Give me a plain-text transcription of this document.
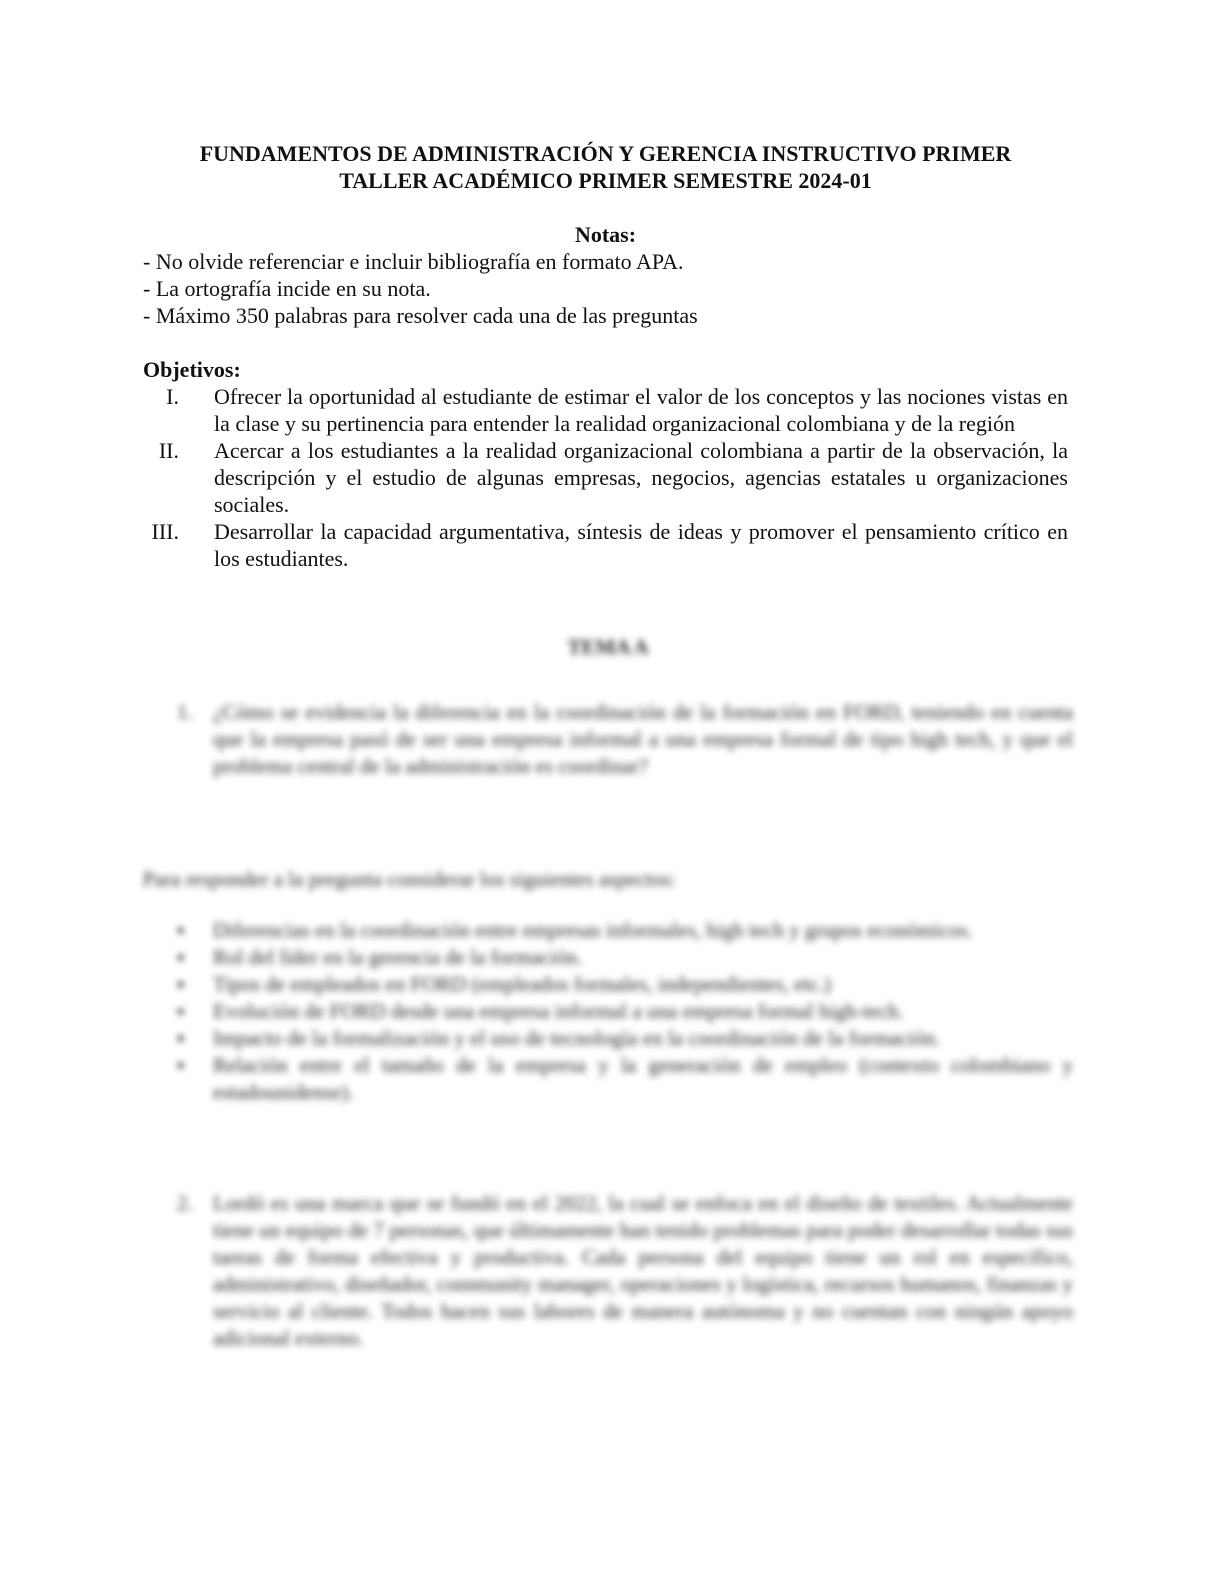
FUNDAMENTOS DE ADMINISTRACIÓN Y GERENCIA INSTRUCTIVO PRIMER
TALLER ACADÉMICO PRIMER SEMESTRE 2024-01
Notas:
- No olvide referenciar e incluir bibliografía en formato APA.
- La ortografía incide en su nota.
- Máximo 350 palabras para resolver cada una de las preguntas
Objetivos:
I. Ofrecer la oportunidad al estudiante de estimar el valor de los conceptos y las nociones vistas en la clase y su pertinencia para entender la realidad organizacional colombiana y de la región
II. Acercar a los estudiantes a la realidad organizacional colombiana a partir de la observación, la descripción y el estudio de algunas empresas, negocios, agencias estatales u organizaciones sociales.
III. Desarrollar la capacidad argumentativa, síntesis de ideas y promover el pensamiento crítico en los estudiantes.
TEMA A
1. ¿Cómo se evidencia la diferencia en la coordinación de la formación en FORD, teniendo en cuenta que la empresa pasó de ser una empresa informal a una empresa formal de tipo high tech, y que el problema central de la administración es coordinar?
Para responder a la pregunta considerar los siguientes aspectos:
▪ Diferencias en la coordinación entre empresas informales, high tech y grupos económicos.
▪ Rol del líder en la gerencia de la formación.
▪ Tipos de empleados en FORD (empleados formales, independientes, etc.)
▪ Evolución de FORD desde una empresa informal a una empresa formal high-tech.
▪ Impacto de la formalización y el uso de tecnología en la coordinación de la formación.
▪ Relación entre el tamaño de la empresa y la generación de empleo (contexto colombiano y estadounidense).
2. Lordó es una marca que se fundó en el 2022, la cual se enfoca en el diseño de textiles. Actualmente tiene un equipo de 7 personas, que últimamente han tenido problemas para poder desarrollar todas sus tareas de forma efectiva y productiva. Cada persona del equipo tiene un rol en específico, administrativo, diseñador, community manager, operaciones y logística, recursos humanos, finanzas y servicio al cliente. Todos hacen sus labores de manera autónoma y no cuentan con ningún apoyo adicional externo.
